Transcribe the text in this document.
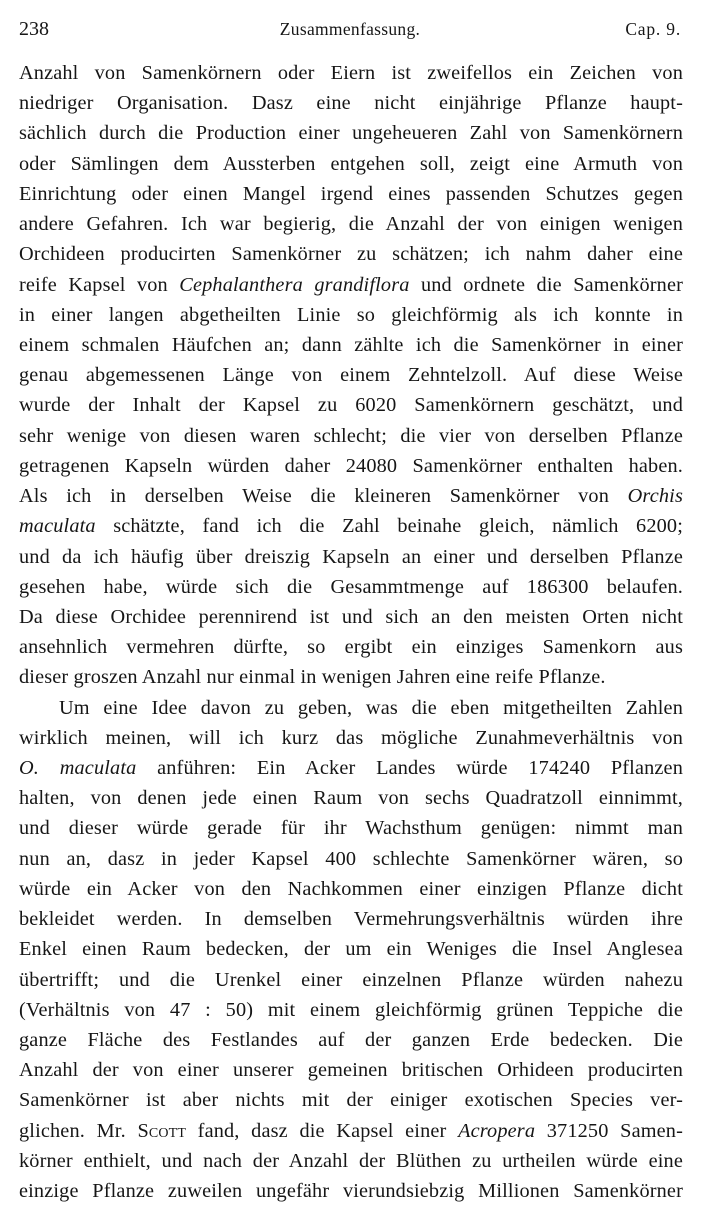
238	Zusammenfassung.	Cap. 9.
Anzahl von Samenkörnern oder Eiern ist zweifellos ein Zeichen von
niedriger Organisation. Dasz eine nicht einjährige Pflanze haupt-
sächlich durch die Production einer ungeheueren Zahl von Samenkörnern
oder Sämlingen dem Aussterben entgehen soll, zeigt eine Armuth von
Einrichtung oder einen Mangel irgend eines passenden Schutzes gegen
andere Gefahren. Ich war begierig, die Anzahl der von einigen wenigen
Orchideen producirten Samenkörner zu schätzen; ich nahm daher eine
reife Kapsel von Cephalanthera grandiflora und ordnete die Samenkörner
in einer langen abgetheilten Linie so gleichförmig als ich konnte in
einem schmalen Häufchen an; dann zählte ich die Samenkörner in einer
genau abgemessenen Länge von einem Zehntelzoll. Auf diese Weise
wurde der Inhalt der Kapsel zu 6020 Samenkörnern geschätzt, und
sehr wenige von diesen waren schlecht; die vier von derselben Pflanze
getragenen Kapseln würden daher 24080 Samenkörner enthalten haben.
Als ich in derselben Weise die kleineren Samenkörner von Orchis
maculata schätzte, fand ich die Zahl beinahe gleich, nämlich 6200;
und da ich häufig über dreiszig Kapseln an einer und derselben Pflanze
gesehen habe, würde sich die Gesammtmenge auf 186300 belaufen.
Da diese Orchidee perennirend ist und sich an den meisten Orten nicht
ansehnlich vermehren dürfte, so ergibt ein einziges Samenkorn aus
dieser groszen Anzahl nur einmal in wenigen Jahren eine reife Pflanze.
Um eine Idee davon zu geben, was die eben mitgetheilten Zahlen
wirklich meinen, will ich kurz das mögliche Zunahmeverhältnis von
O. maculata anführen: Ein Acker Landes würde 174240 Pflanzen
halten, von denen jede einen Raum von sechs Quadratzoll einnimmt,
und dieser würde gerade für ihr Wachsthum genügen: nimmt man
nun an, dasz in jeder Kapsel 400 schlechte Samenkörner wären, so
würde ein Acker von den Nachkommen einer einzigen Pflanze dicht
bekleidet werden. In demselben Vermehrungsverhältnis würden ihre
Enkel einen Raum bedecken, der um ein Weniges die Insel Anglesea
übertrifft; und die Urenkel einer einzelnen Pflanze würden nahezu
(Verhältnis von 47 : 50) mit einem gleichförmig grünen Teppiche die
ganze Fläche des Festlandes auf der ganzen Erde bedecken. Die
Anzahl der von einer unserer gemeinen britischen Orhideen producirten
Samenkörner ist aber nichts mit der einiger exotischen Species ver-
glichen. Mr. Scott fand, dasz die Kapsel einer Acropera 371250 Samen-
körner enthielt, und nach der Anzahl der Blüthen zu urtheilen würde eine
einzige Pflanze zuweilen ungefähr vierundsiebzig Millionen Samenkörner
